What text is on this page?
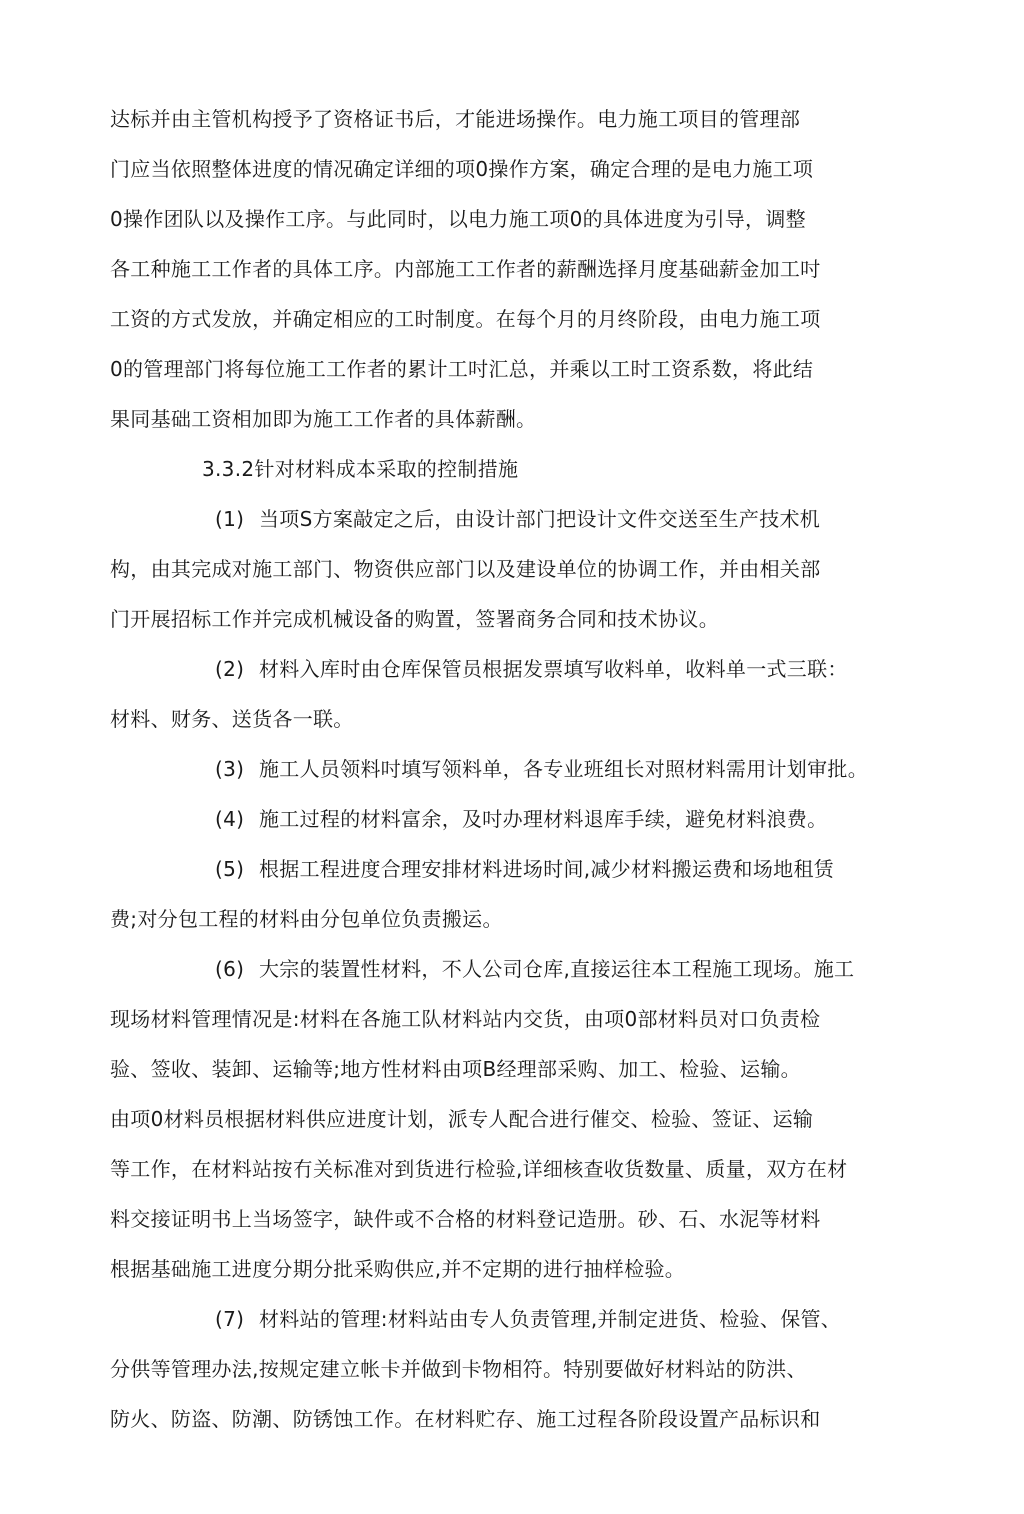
达标并由主管机构授予了资格证书后，才能进场操作。电力施工项目的管理部
门应当依照整体进度的情况确定详细的项0操作方案，确定合理的是电力施工项
0操作团队以及操作工序。与此同时，以电力施工项0的具体进度为引导，调整
各工种施工工作者的具体工序。内部施工工作者的薪酬选择月度基础薪金加工吋
工资的方式发放，并确定相应的工时制度。在每个月的月终阶段，由电力施工项
0的管理部门将每位施工工作者的累计工吋汇总，并乘以工时工资系数，将此结
果同基础工资相加即为施工工作者的具体薪酬。
3.3.2针对材料成本采取的控制措施
(1) 当项S方案敲定之后，由设计部门把设计文件交送至生产技术机
构，由其完成对施工部门、物资供应部门以及建设单位的协调工作，并由相关部
门开展招标工作并完成机械设备的购置，签署商务合同和技术协议。
(2) 材料入库时由仓库保管员根据发票填写收料单，收料单一式三联：
材料、财务、送货各一联。
(3) 施工人员领料吋填写领料单，各专业班组长对照材料需用计划审批。
(4) 施工过程的材料富余，及吋办理材料退库手续，避免材料浪费。
(5) 根据工程进度合理安排材料进场时间,减少材料搬运费和场地租赁
费;对分包工程的材料由分包单位负责搬运。
(6) 大宗的装置性材料，不人公司仓库,直接运往本工程施工现场。施工
现场材料管理情况是:材料在各施工队材料站内交货，由项0部材料员对口负责检
验、签收、装卸、运输等;地方性材料由项B经理部采购、加工、检验、运输。
由项0材料员根据材料供应进度计划，派专人配合进行催交、检验、签证、运输
等工作，在材料站按冇关标准对到货进行检验,详细核查收货数量、质量，双方在材
料交接证明书上当场签字，缺件或不合格的材料登记造册。砂、石、水泥等材料
根据基础施工进度分期分批采购供应,并不定期的进行抽样检验。
(7) 材料站的管理:材料站由专人负责管理,并制定进货、检验、保管、
分供等管理办法,按规定建立帐卡并做到卡物相符。特别要做好材料站的防洪、
防火、防盗、防潮、防锈蚀工作。在材料贮存、施工过程各阶段设置产品标识和
